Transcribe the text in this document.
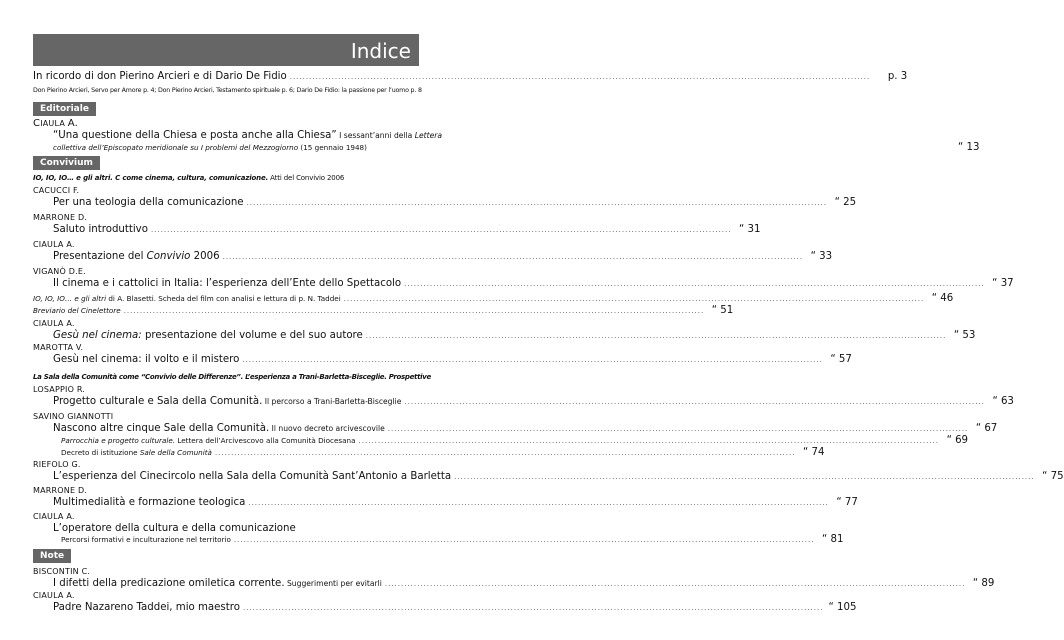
Indice
In ricordo di don Pierino Arcieri e di Dario De Fidio .....	p. 3
Don Pierino Arcieri, Servo per Amore p. 4; Don Pierino Arcieri, Testamento spirituale p. 6; Dario De Fidio: la passione per l’uomo p. 8
Editoriale
CIAULA A.
“Una questione della Chiesa e posta anche alla Chiesa” I sessant’anni della Lettera
collettiva dell’Episcopato meridionale su I problemi del Mezzogiorno (15 gennaio 1948)	“ 13
Convivium
IO, IO, IO… e gli altri. C come cinema, cultura, comunicazione. Atti del Convivio 2006
CACUCCI F.
Per una teologia della comunicazione .....	“ 25
MARRONE D.
Saluto introduttivo .....	“ 31
CIAULA A.
Presentazione del Convivio 2006 .....	“ 33
VIGANÒ D.E.
Il cinema e i cattolici in Italia: l’esperienza dell’Ente dello Spettacolo .....	“ 37
IO, IO, IO… e gli altri di A. Blasetti. Scheda del film con analisi e lettura di p. N. Taddei .....	“ 46
Breviario del Cinelettore .....	“ 51
CIAULA A.
Gesù nel cinema: presentazione del volume e del suo autore .....	“ 53
MAROTTA V.
Gesù nel cinema: il volto e il mistero .....	“ 57
La Sala della Comunità come “Convivio delle Differenze”. L’esperienza a Trani-Barletta-Bisceglie. Prospettive
LOSAPPIO R.
Progetto culturale e Sala della Comunità. Il percorso a Trani-Barletta-Bisceglie .....	“ 63
SAVINO GIANNOTTI
Nascono altre cinque Sale della Comunità. Il nuovo decreto arcivescovile .....	“ 67
Parrocchia e progetto culturale. Lettera dell’Arcivescovo alla Comunità Diocesana .....	“ 69
Decreto di istituzione Sale della Comunità .....	“ 74
RIEFOLO G.
L’esperienza del Cinecircolo nella Sala della Comunità Sant’Antonio a Barletta .....	“ 75
MARRONE D.
Multimedialità e formazione teologica .....	“ 77
CIAULA A.
L’operatore della cultura e della comunicazione
Percorsi formativi e inculturazione nel territorio .....	“ 81
Note
BISCONTIN C.
I difetti della predicazione omiletica corrente. Suggerimenti per evitarli .....	“ 89
CIAULA A.
Padre Nazareno Taddei, mio maestro .....	“ 105
